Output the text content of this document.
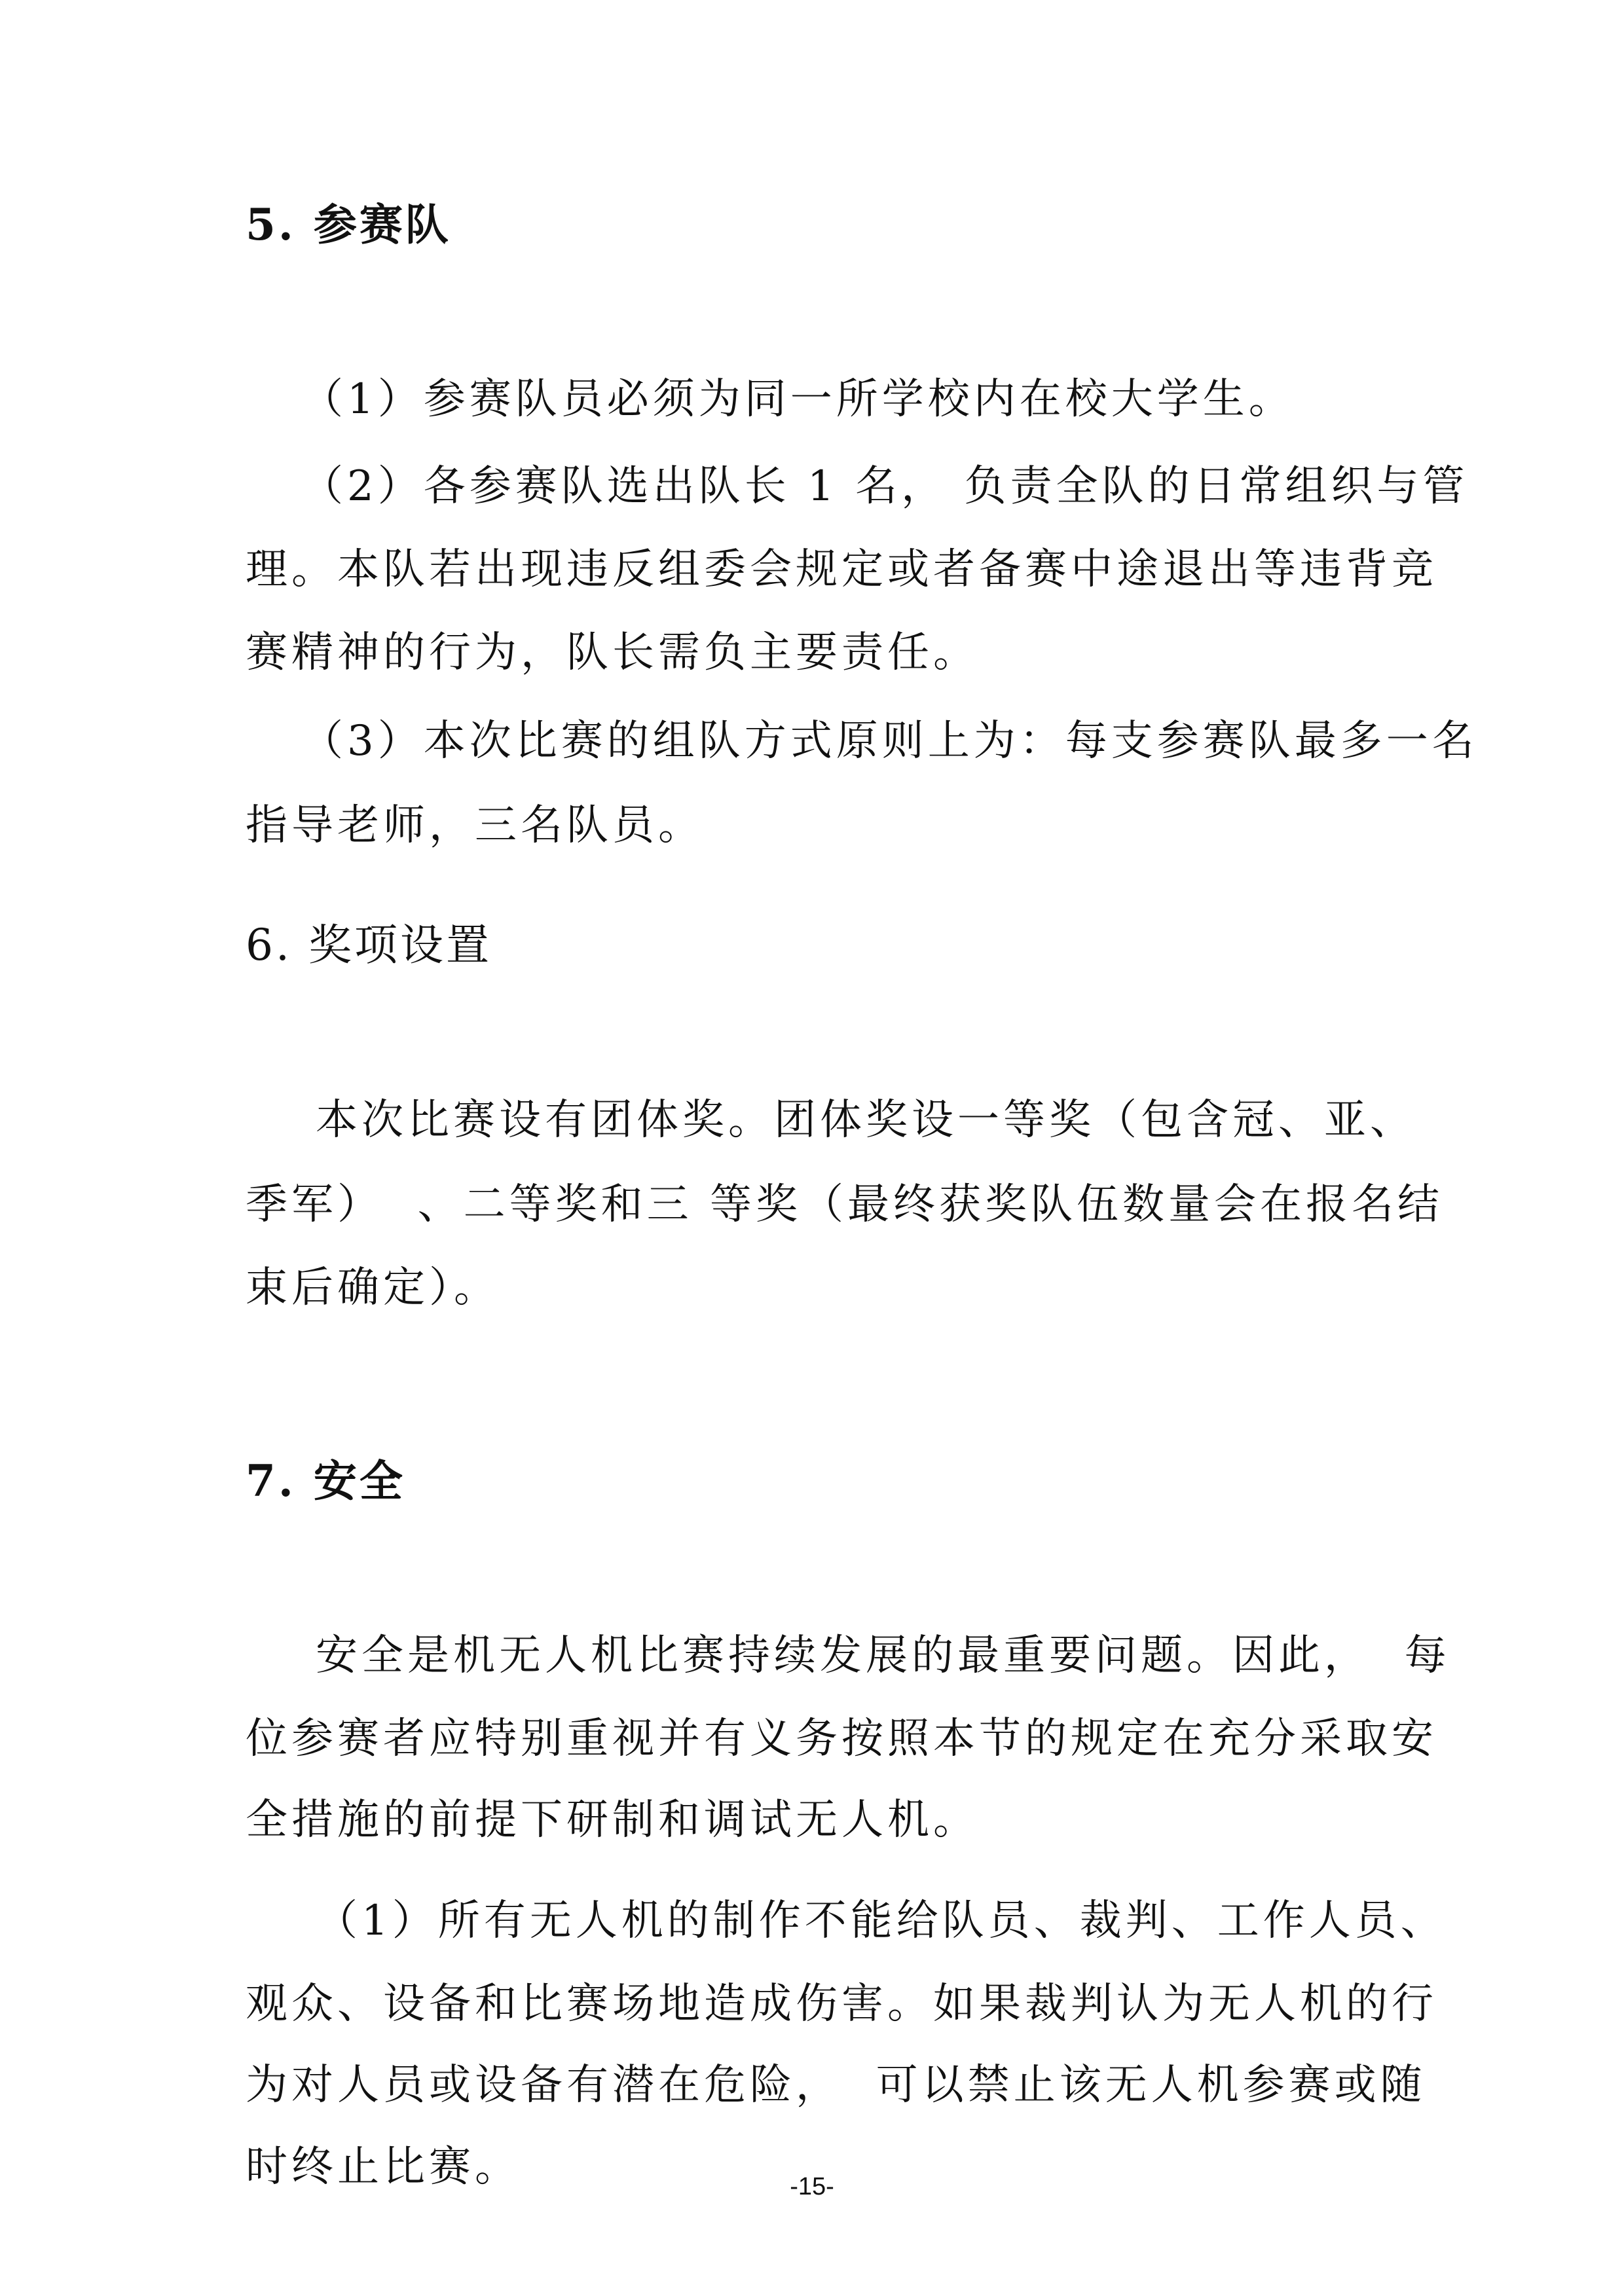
5. 参赛队
（1）参赛队员必须为同一所学校内在校大学生。
（2）各参赛队选出队长 1 名， 负责全队的日常组织与管
理。本队若出现违反组委会规定或者备赛中途退出等违背竞
赛精神的行为，队长需负主要责任。
（3）本次比赛的组队方式原则上为：每支参赛队最多一名
指导老师，三名队员。
6. 奖项设置
本次比赛设有团体奖。团体奖设一等奖（包含冠、亚、
季军）  、二等奖和三 等奖（最终获奖队伍数量会在报名结
束后确定）。
7. 安全
安全是机无人机比赛持续发展的最重要问题。因此，  每
位参赛者应特别重视并有义务按照本节的规定在充分采取安
全措施的前提下研制和调试无人机。
（1）所有无人机的制作不能给队员、裁判、工作人员、
观众、设备和比赛场地造成伤害。如果裁判认为无人机的行
为对人员或设备有潜在危险，  可以禁止该无人机参赛或随
时终止比赛。	-15-
